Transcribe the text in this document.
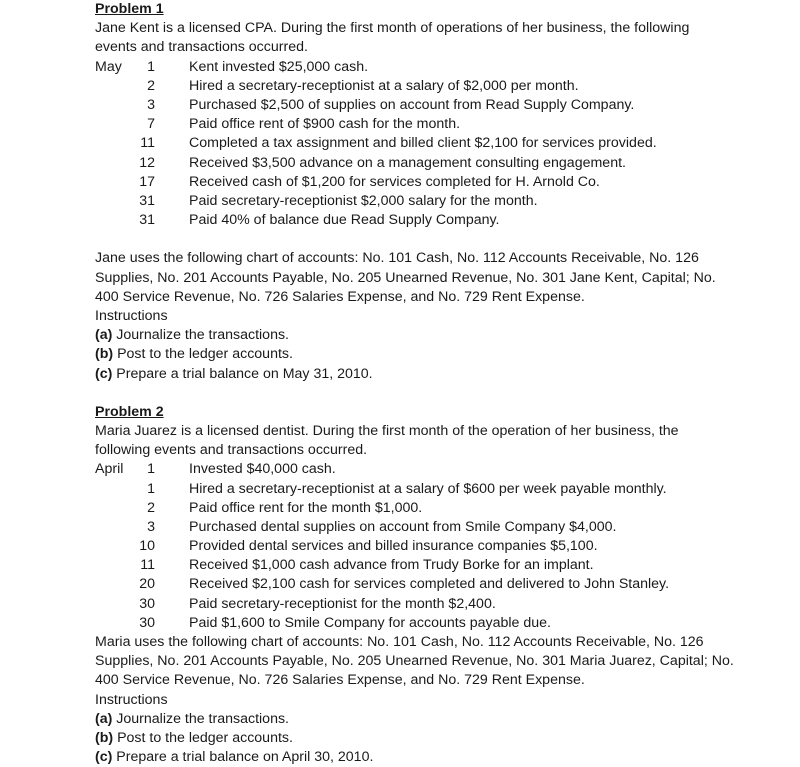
Problem 1
Jane Kent is a licensed CPA. During the first month of operations of her business, the following events and transactions occurred.
May	1 Kent invested $25,000 cash.
2 Hired a secretary-receptionist at a salary of $2,000 per month.
3 Purchased $2,500 of supplies on account from Read Supply Company.
7 Paid office rent of $900 cash for the month.
11 Completed a tax assignment and billed client $2,100 for services provided.
12 Received $3,500 advance on a management consulting engagement.
17 Received cash of $1,200 for services completed for H. Arnold Co.
31 Paid secretary-receptionist $2,000 salary for the month.
31 Paid 40% of balance due Read Supply Company.
Jane uses the following chart of accounts: No. 101 Cash, No. 112 Accounts Receivable, No. 126 Supplies, No. 201 Accounts Payable, No. 205 Unearned Revenue, No. 301 Jane Kent, Capital; No. 400 Service Revenue, No. 726 Salaries Expense, and No. 729 Rent Expense.
Instructions
(a) Journalize the transactions.
(b) Post to the ledger accounts.
(c) Prepare a trial balance on May 31, 2010.
Problem 2
Maria Juarez is a licensed dentist. During the first month of the operation of her business, the following events and transactions occurred.
April	1 Invested $40,000 cash.
1 Hired a secretary-receptionist at a salary of $600 per week payable monthly.
2 Paid office rent for the month $1,000.
3 Purchased dental supplies on account from Smile Company $4,000.
10 Provided dental services and billed insurance companies $5,100.
11 Received $1,000 cash advance from Trudy Borke for an implant.
20 Received $2,100 cash for services completed and delivered to John Stanley.
30 Paid secretary-receptionist for the month $2,400.
30 Paid $1,600 to Smile Company for accounts payable due.
Maria uses the following chart of accounts: No. 101 Cash, No. 112 Accounts Receivable, No. 126 Supplies, No. 201 Accounts Payable, No. 205 Unearned Revenue, No. 301 Maria Juarez, Capital; No. 400 Service Revenue, No. 726 Salaries Expense, and No. 729 Rent Expense.
Instructions
(a) Journalize the transactions.
(b) Post to the ledger accounts.
(c) Prepare a trial balance on April 30, 2010.
